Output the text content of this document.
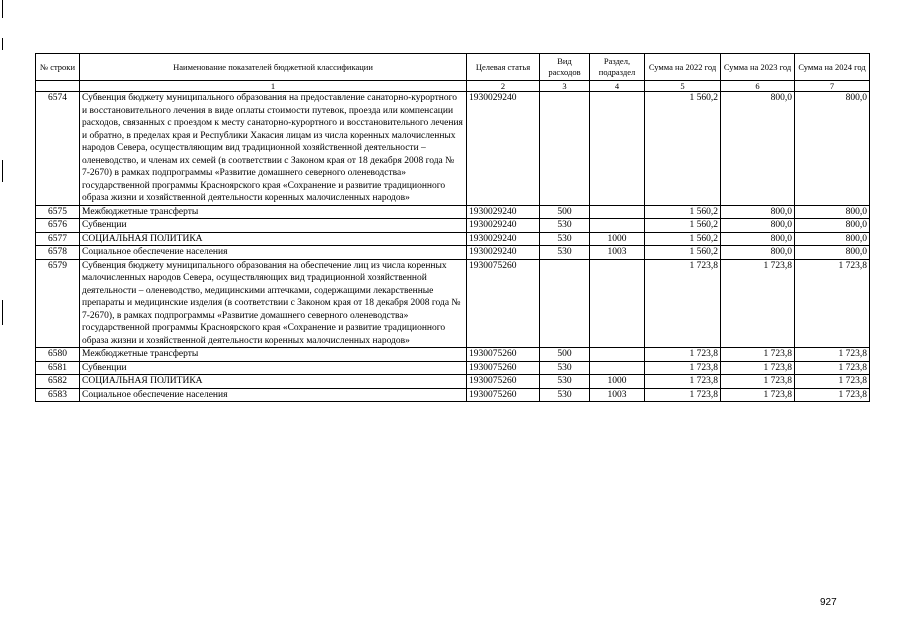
№ строки	Наименование показателей бюджетной классификации	Целевая статья	Вид расходов	Раздел, подраздел	Сумма на 2022 год	Сумма на 2023 год	Сумма на 2024 год
	1	2	3	4	5	6	7
6574	Субвенция бюджету муниципального образования на предоставление санаторно-курортного и восстановительного лечения в виде оплаты стоимости путевок, проезда или компенсации расходов, связанных с проездом к месту санаторно-курортного и восстановительного лечения и обратно, в пределах края и Республики Хакасия лицам из числа коренных малочисленных народов Севера, осуществляющим вид традиционной хозяйственной деятельности – оленеводство, и членам их семей (в соответствии с Законом края от 18 декабря 2008 года № 7-2670) в рамках подпрограммы «Развитие домашнего северного оленеводства» государственной программы Красноярского края «Сохранение и развитие традиционного образа жизни и хозяйственной деятельности коренных малочисленных народов»	1930029240			1 560,2	800,0	800,0
6575	Межбюджетные трансферты	1930029240	500		1 560,2	800,0	800,0
6576	Субвенции	1930029240	530		1 560,2	800,0	800,0
6577	СОЦИАЛЬНАЯ ПОЛИТИКА	1930029240	530	1000	1 560,2	800,0	800,0
6578	Социальное обеспечение населения	1930029240	530	1003	1 560,2	800,0	800,0
6579	Субвенция бюджету муниципального образования на обеспечение лиц из числа коренных малочисленных народов Севера, осуществляющих вид традиционной хозяйственной деятельности – оленеводство, медицинскими аптечками, содержащими лекарственные препараты и медицинские изделия (в соответствии с Законом края от 18 декабря 2008 года № 7-2670), в рамках подпрограммы «Развитие домашнего северного оленеводства» государственной программы Красноярского края «Сохранение и развитие традиционного образа жизни и хозяйственной деятельности коренных малочисленных народов»	1930075260			1 723,8	1 723,8	1 723,8
6580	Межбюджетные трансферты	1930075260	500		1 723,8	1 723,8	1 723,8
6581	Субвенции	1930075260	530		1 723,8	1 723,8	1 723,8
6582	СОЦИАЛЬНАЯ ПОЛИТИКА	1930075260	530	1000	1 723,8	1 723,8	1 723,8
6583	Социальное обеспечение населения	1930075260	530	1003	1 723,8	1 723,8	1 723,8
927
